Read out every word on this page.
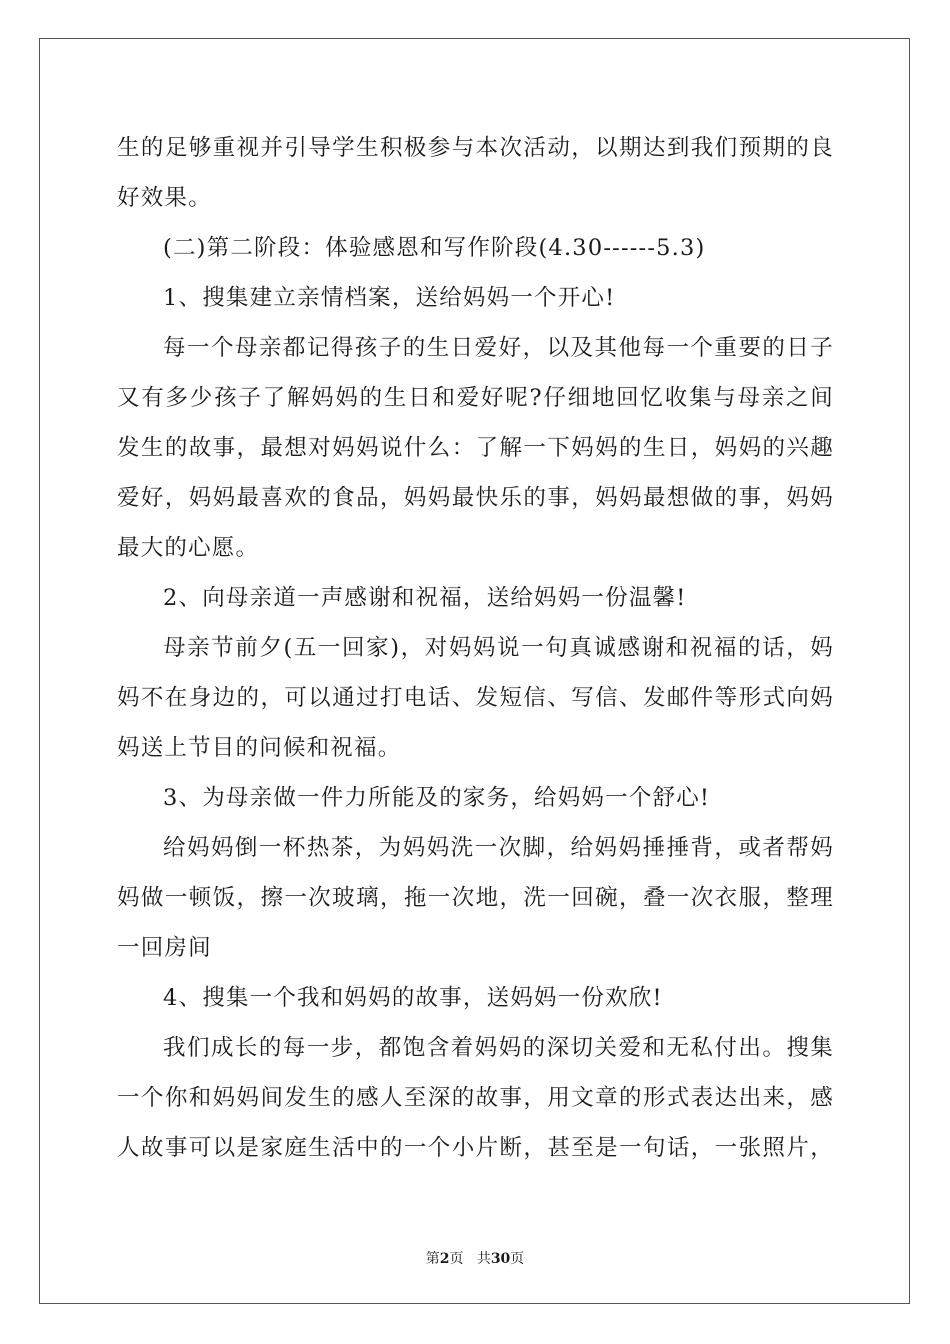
生的足够重视并引导学生积极参与本次活动，以期达到我们预期的良
好效果。
(二)第二阶段：体验感恩和写作阶段(4.30------5.3)
1、搜集建立亲情档案，送给妈妈一个开心!
每一个母亲都记得孩子的生日爱好，以及其他每一个重要的日子
又有多少孩子了解妈妈的生日和爱好呢?仔细地回忆收集与母亲之间
发生的故事，最想对妈妈说什么：了解一下妈妈的生日，妈妈的兴趣
爱好，妈妈最喜欢的食品，妈妈最快乐的事，妈妈最想做的事，妈妈
最大的心愿。
2、向母亲道一声感谢和祝福，送给妈妈一份温馨!
母亲节前夕(五一回家)，对妈妈说一句真诚感谢和祝福的话，妈
妈不在身边的，可以通过打电话、发短信、写信、发邮件等形式向妈
妈送上节目的问候和祝福。
3、为母亲做一件力所能及的家务，给妈妈一个舒心!
给妈妈倒一杯热茶，为妈妈洗一次脚，给妈妈捶捶背，或者帮妈
妈做一顿饭，擦一次玻璃，拖一次地，洗一回碗，叠一次衣服，整理
一回房间
4、搜集一个我和妈妈的故事，送妈妈一份欢欣!
我们成长的每一步，都饱含着妈妈的深切关爱和无私付出。搜集
一个你和妈妈间发生的感人至深的故事，用文章的形式表达出来，感
人故事可以是家庭生活中的一个小片断，甚至是一句话，一张照片，
第2页 共30页
